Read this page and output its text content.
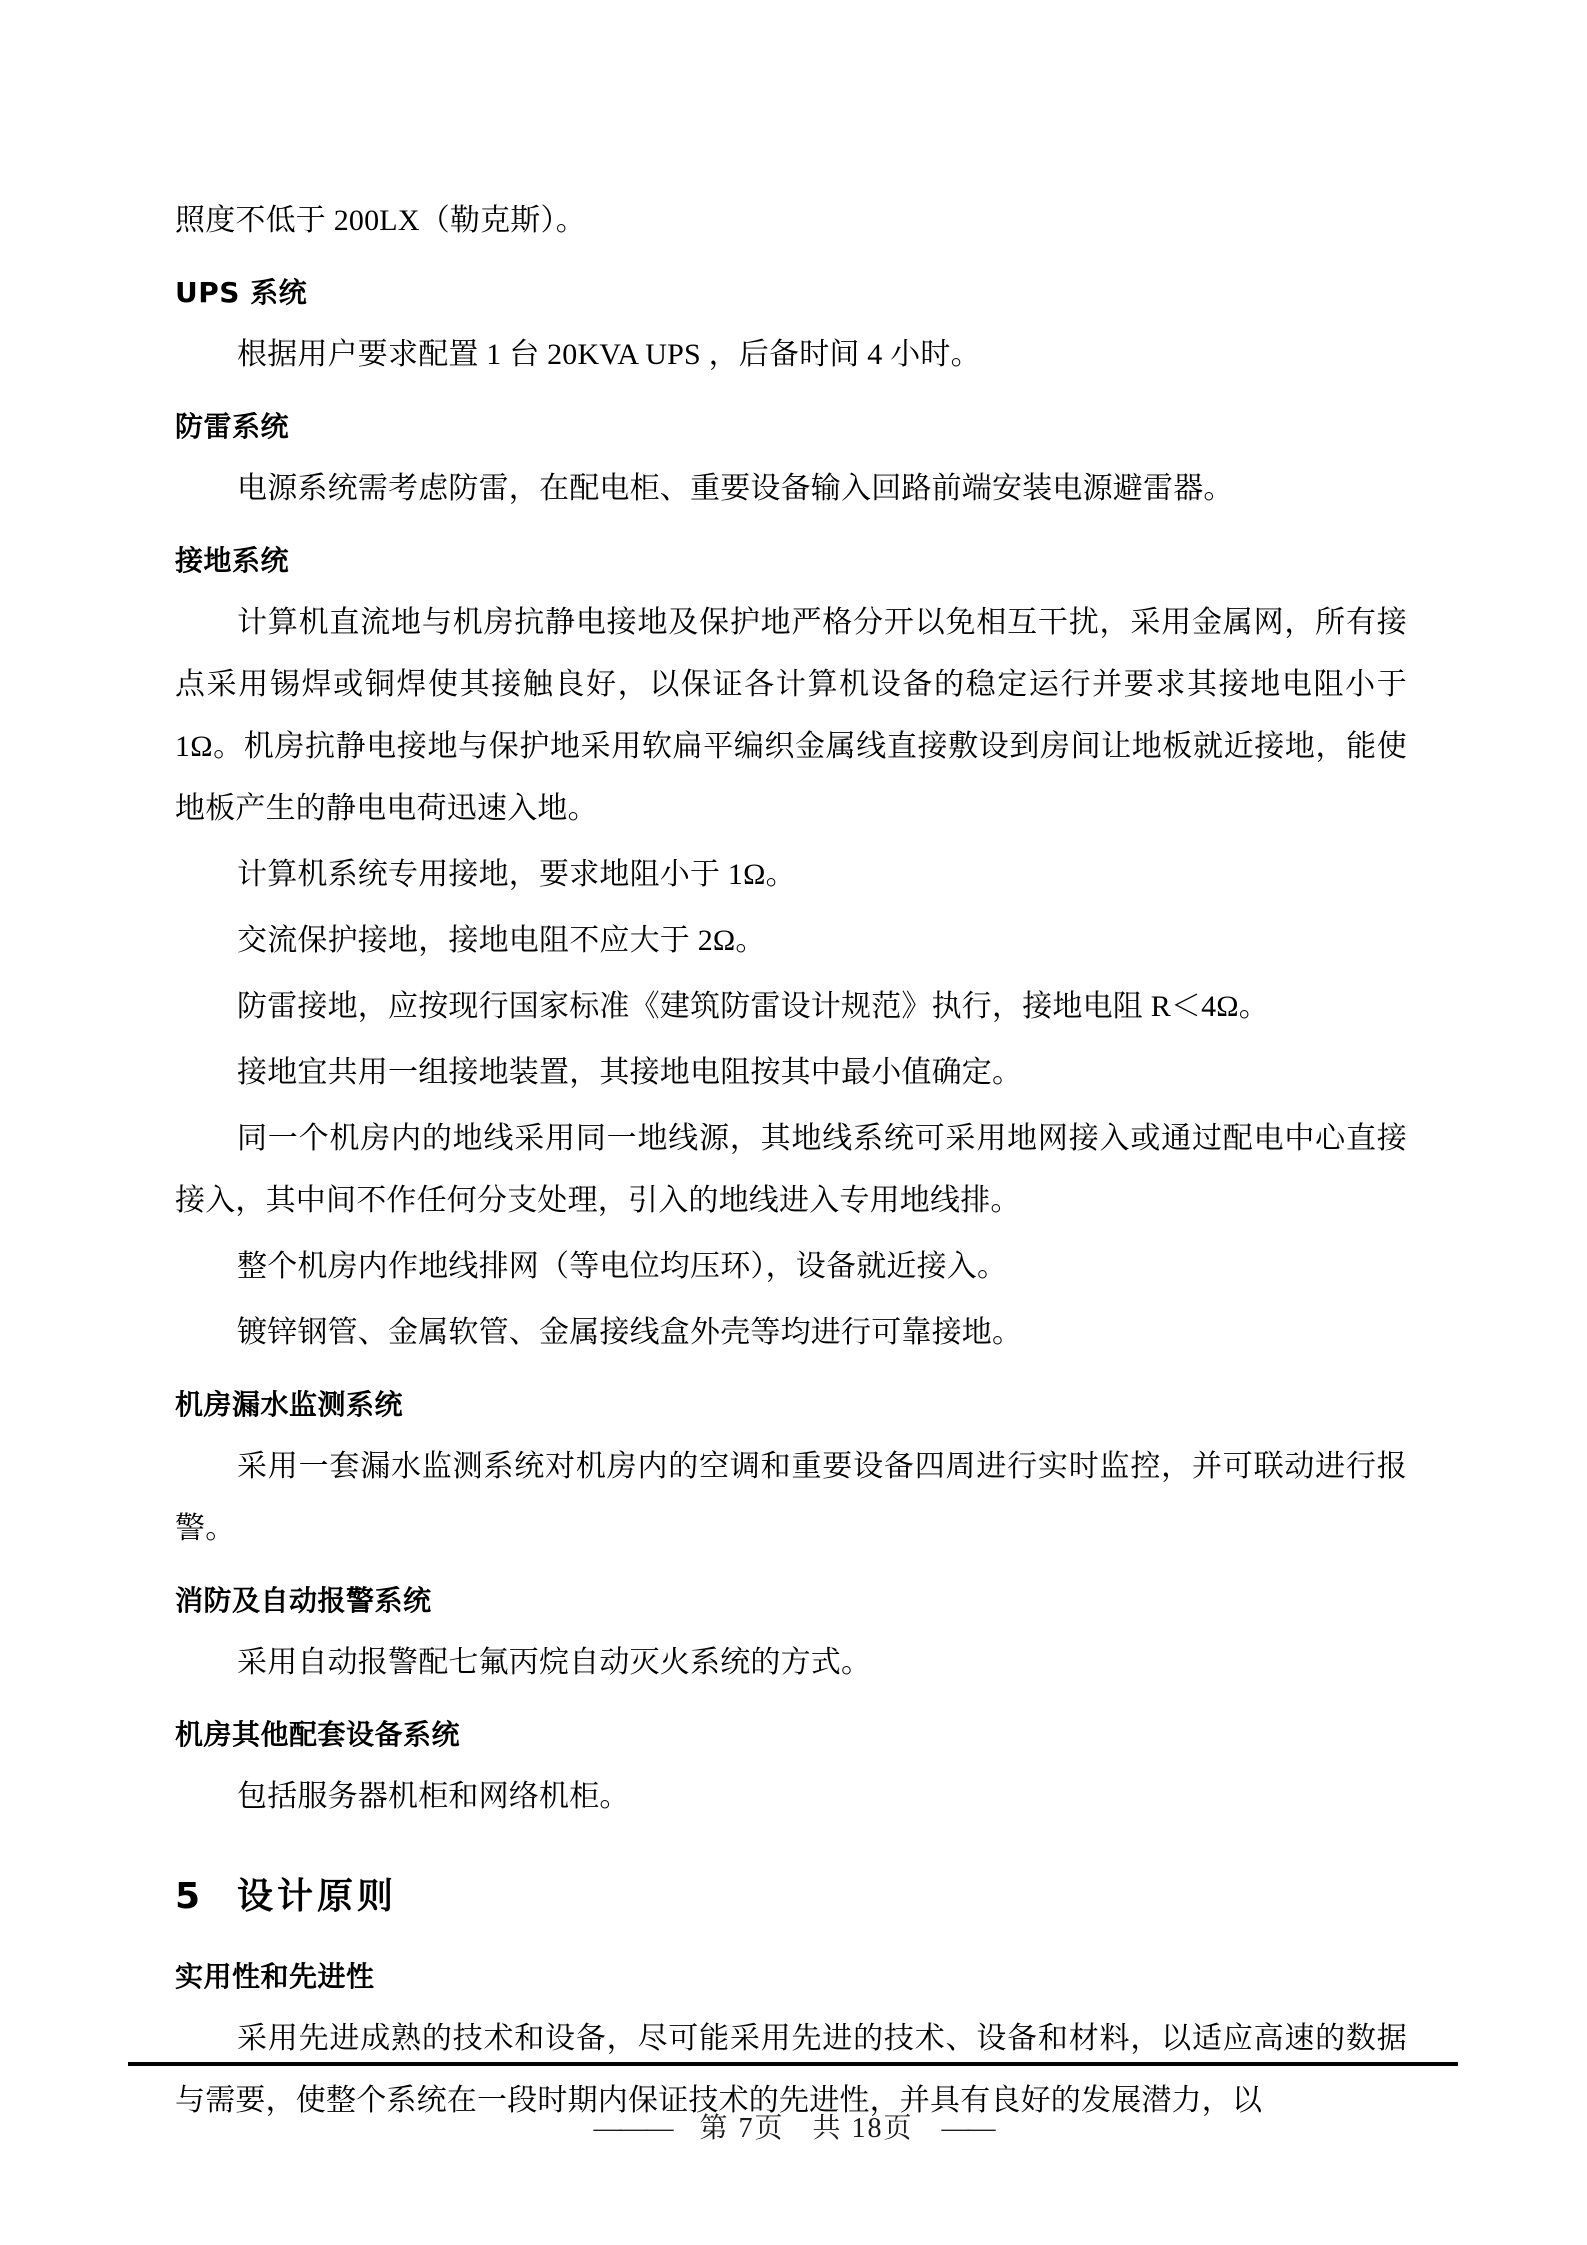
照度不低于 200LX（勒克斯）。

UPS 系统

根据用户要求配置 1 台 20KVA UPS ，后备时间 4 小时。

防雷系统

电源系统需考虑防雷，在配电柜、重要设备输入回路前端安装电源避雷器。

接地系统

计算机直流地与机房抗静电接地及保护地严格分开以免相互干扰，采用金属网，所有接点采用锡焊或铜焊使其接触良好，以保证各计算机设备的稳定运行并要求其接地电阻小于 1Ω。机房抗静电接地与保护地采用软扁平编织金属线直接敷设到房间让地板就近接地，能使地板产生的静电电荷迅速入地。

计算机系统专用接地，要求地阻小于 1Ω。

交流保护接地，接地电阻不应大于 2Ω。

防雷接地，应按现行国家标准《建筑防雷设计规范》执行，接地电阻 R＜4Ω。

接地宜共用一组接地装置，其接地电阻按其中最小值确定。

同一个机房内的地线采用同一地线源，其地线系统可采用地网接入或通过配电中心直接接入，其中间不作任何分支处理，引入的地线进入专用地线排。

整个机房内作地线排网（等电位均压环），设备就近接入。

镀锌钢管、金属软管、金属接线盒外壳等均进行可靠接地。

机房漏水监测系统

采用一套漏水监测系统对机房内的空调和重要设备四周进行实时监控，并可联动进行报警。

消防及自动报警系统

采用自动报警配七氟丙烷自动灭火系统的方式。

机房其他配套设备系统

包括服务器机柜和网络机柜。

5	设计原则
实用性和先进性

采用先进成熟的技术和设备，尽可能采用先进的技术、设备和材料，以适应高速的数据与需要，使整个系统在一段时期内保证技术的先进性，并具有良好的发展潜力，以

——— 第 7页 共 18页 ——
